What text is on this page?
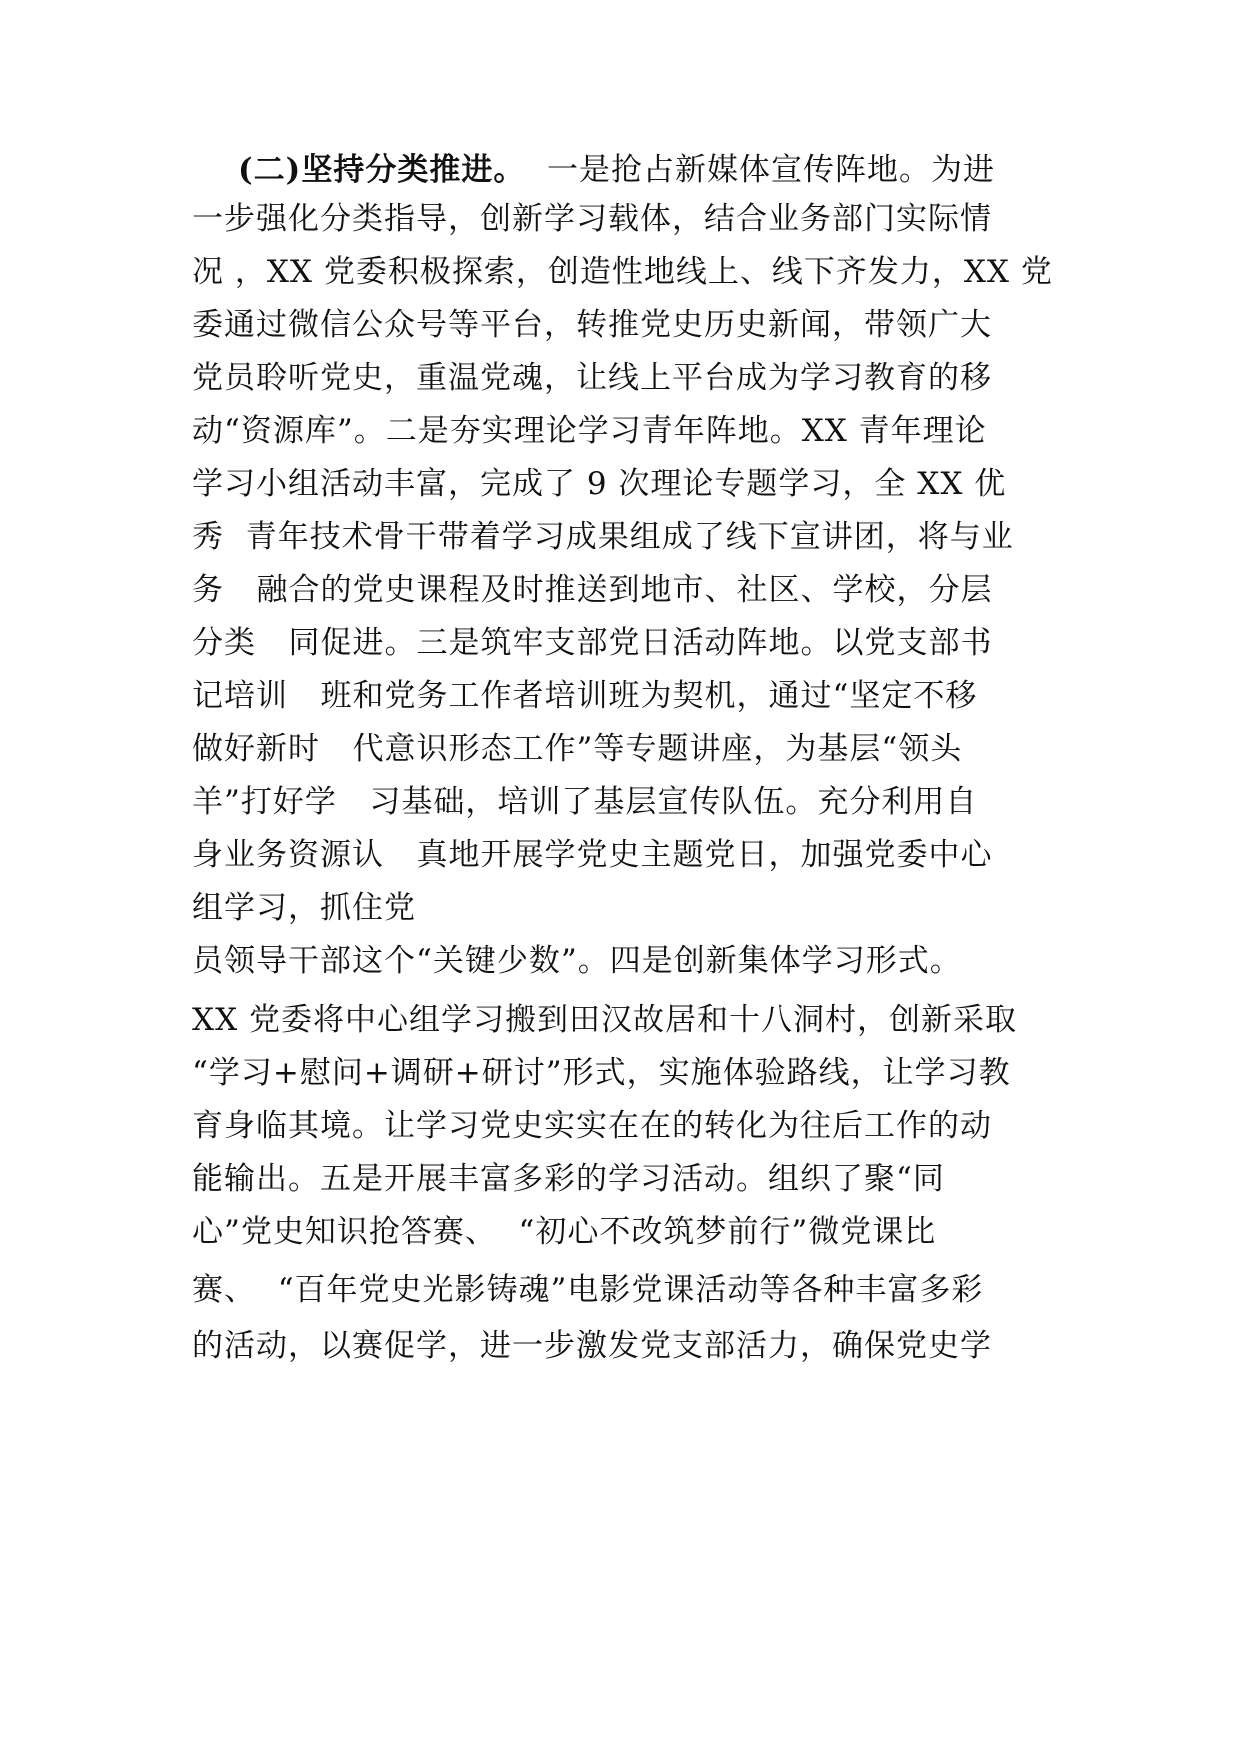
(二)坚持分类推进。  一是抢占新媒体宣传阵地。为进
一步强化分类指导，创新学习载体，结合业务部门实际情
况 ，XX 党委积极探索，创造性地线上、线下齐发力，XX 党
委通过微信公众号等平台，转推党史历史新闻，带领广大
党员聆听党史，重温党魂，让线上平台成为学习教育的移
动“资源库”。二是夯实理论学习青年阵地。XX 青年理论
学习小组活动丰富，完成了 9 次理论专题学习，全 XX 优
秀  青年技术骨干带着学习成果组成了线下宣讲团，将与业
务   融合的党史课程及时推送到地市、社区、学校，分层
分类   同促进。三是筑牢支部党日活动阵地。以党支部书
记培训   班和党务工作者培训班为契机，通过“坚定不移
做好新时   代意识形态工作”等专题讲座，为基层“领头
羊”打好学   习基础，培训了基层宣传队伍。充分利用自
身业务资源认   真地开展学党史主题党日，加强党委中心
组学习，抓住党
员领导干部这个“关键少数”。四是创新集体学习形式。
XX 党委将中心组学习搬到田汉故居和十八洞村，创新采取
“学习+慰问+调研+研讨”形式，实施体验路线，让学习教
育身临其境。让学习党史实实在在的转化为往后工作的动
能输出。五是开展丰富多彩的学习活动。组织了聚“同
心”党史知识抢答赛、  “初心不改筑梦前行”微党课比
赛、  “百年党史光影铸魂”电影党课活动等各种丰富多彩
的活动，以赛促学，进一步激发党支部活力，确保党史学
